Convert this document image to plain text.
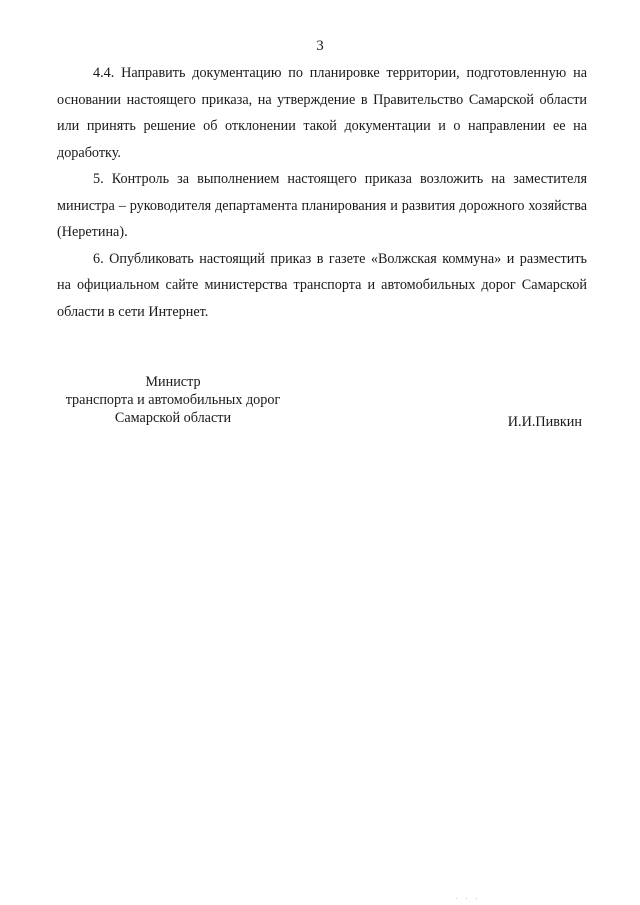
3

4.4. Направить документацию по планировке территории, подготовленную на основании настоящего приказа, на утверждение в Правительство Самарской области или принять решение об отклонении такой документации и о направлении ее на доработку.

5. Контроль за выполнением настоящего приказа возложить на заместителя министра – руководителя департамента планирования и развития дорожного хозяйства (Неретина).

6. Опубликовать настоящий приказ в газете «Волжская коммуна» и разместить на официальном сайте министерства транспорта и автомобильных дорог Самарской области в сети Интернет.

Министр
транспорта и автомобильных дорог
Самарской области	И.И.Пивкин
· · ·
